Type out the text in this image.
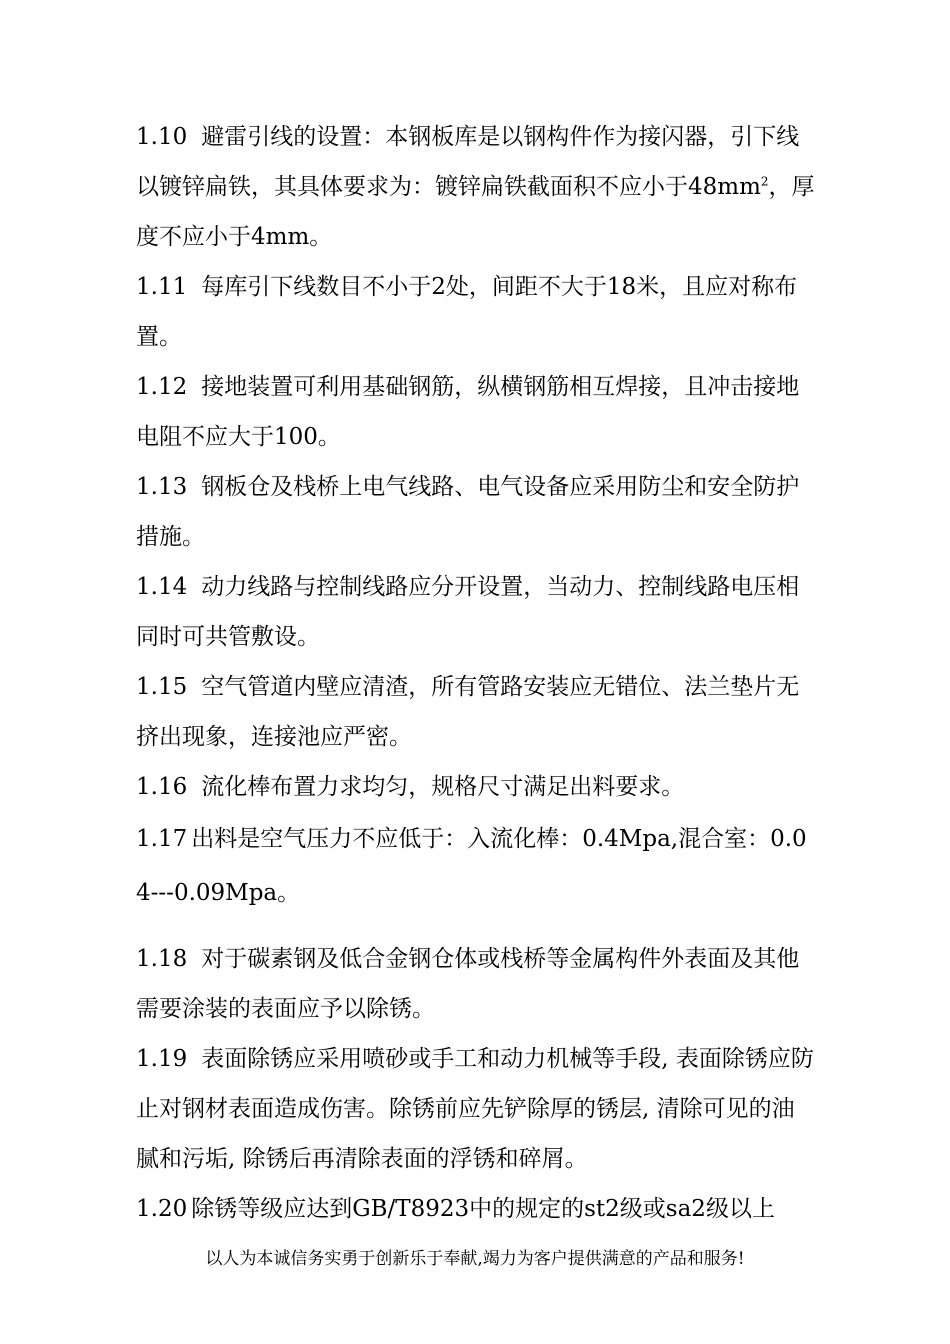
1.10 避雷引线的设置：本钢板库是以钢构件作为接闪器，引下线以镀锌扁铁，其具体要求为：镀锌扁铁截面积不应小于$48mm^2$，厚度不应小于4mm。

1.11 每库引下线数目不小于2处，间距不大于18米，且应对称布置。

1.12 接地装置可利用基础钢筋，纵横钢筋相互焊接，且冲击接地电阻不应大于100。

1.13 钢板仓及栈桥上电气线路、电气设备应采用防尘和安全防护措施。

1.14 动力线路与控制线路应分开设置，当动力、控制线路电压相同时可共管敷设。

1.15 空气管道内壁应清渣，所有管路安装应无错位、法兰垫片无挤出现象，连接池应严密。

1.16 流化棒布置力求均匀，规格尺寸满足出料要求。

1.17 出料是空气压力不应低于：入流化棒：0.4Mpa,混合室：0.04---0.09Mpa。

1.18 对于碳素钢及低合金钢仓体或栈桥等金属构件外表面及其他需要涂装的表面应予以除锈。

1.19 表面除锈应采用喷砂或手工和动力机械等手段, 表面除锈应防止对钢材表面造成伤害。除锈前应先铲除厚的锈层, 清除可见的油腻和污垢, 除锈后再清除表面的浮锈和碎屑。

1.20 除锈等级应达到GB/T8923中的规定的st2级或sa2级以上

以人为本诚信务实勇于创新乐于奉献,竭力为客户提供满意的产品和服务!
